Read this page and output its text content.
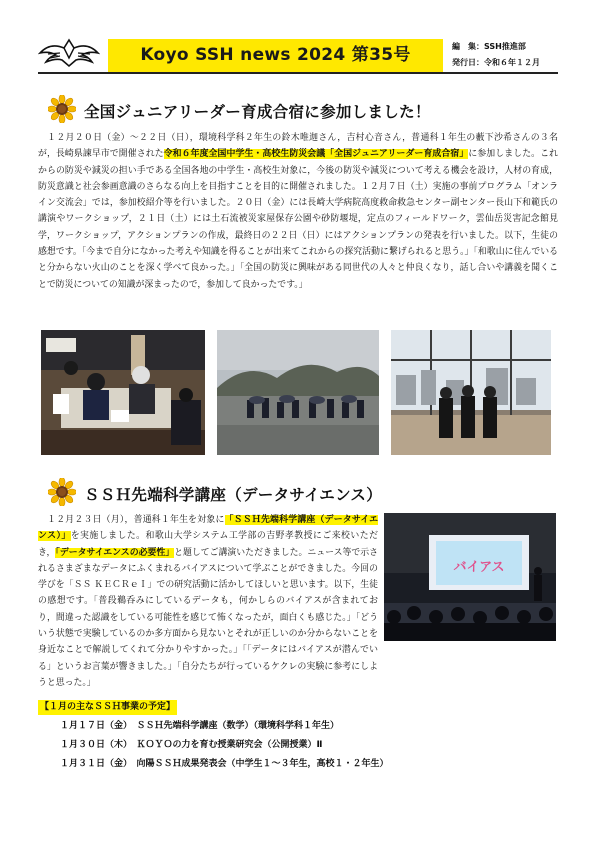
Koyo SSH news 2024 第35号	編　集：SSH推進部
発行日：令和６年１２月
全国ジュニアリーダー育成合宿に参加しました！
　１２月２０日（金）～２２日（日），環境科学科２年生の鈴木唯迦さん，吉村心音さん，普通科１年生の藪下沙希さんの３名が，長崎県諫早市で開催された令和６年度全国中学生・高校生防災会議「全国ジュニアリーダー育成合宿」に参加しました。これからの防災や減災の担い手である全国各地の中学生・高校生対象に，今後の防災や減災について考える機会を設け，人材の育成，防災意識と社会参画意識のさらなる向上を目指すことを目的に開催されました。１２月７日（土）実施の事前プログラム「オンライン交流会」では，参加校紹介等を行いました。２０日（金）には長崎大学病院高度救命救急センター副センター長山下和範氏の講演やワークショップ，２１日（土）には土石流被災家屋保存公園や砂防堰堤，定点のフィールドワーク，雲仙岳災害記念館見学，ワークショップ，アクションプランの作成，最終日の２２日（日）にはアクションプランの発表を行いました。以下，生徒の感想です。「今まで自分になかった考えや知識を得ることが出来てこれからの探究活動に繋げられると思う。」「和歌山に住んでいると分からない火山のことを深く学べて良かった。」「全国の防災に興味がある同世代の人々と仲良くなり，話し合いや講義を聞くことで防災についての知識が深まったので，参加して良かったです。」
ＳＳＨ先端科学講座（データサイエンス）
　１２月２３日（月），普通科１年生を対象に「ＳＳＨ先端科学講座（データサイエンス）」を実施しました。和歌山大学システム工学部の吉野孝教授にご来校いただき，「データサイエンスの必要性」と題してご講演いただきました。ニュース等で示されるさまざまなデータにふくまれるバイアスについて学ぶことができました。今回の学びを「ＳＳ ＫＥＣＲｅＩ」での研究活動に活かしてほしいと思います。以下，生徒の感想です。「普段鵜呑みにしているデータも，何かしらのバイアスが含まれており，間違った認識をしている可能性を感じて怖くなったが，面白くも感じた。」「どういう状態で実験しているのか多方面から見ないとそれが正しいのか分からないことを身近なことで解説してくれて分かりやすかった。」「「データにはバイアスが潜んでいる」というお言葉が響きました。」「自分たちが行っているケクレの実験に参考にしようと思った。」
バイアス
【１月の主なＳＳＨ事業の予定】
１月１７日（金）　ＳＳＨ先端科学講座（数学）（環境科学科１年生）
１月３０日（木）　ＫＯＹＯの力を育む授業研究会（公開授業）Ⅱ
１月３１日（金）　向陽ＳＳＨ成果発表会（中学生１～３年生，高校１・２年生）
